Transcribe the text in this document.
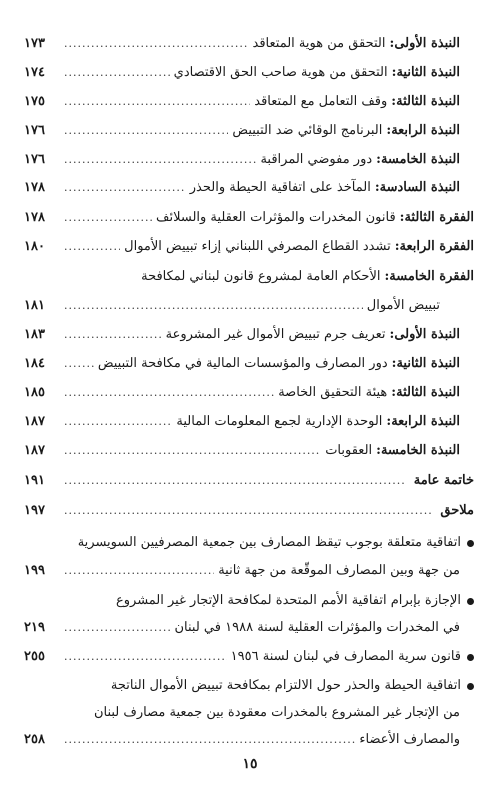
النبذة الأولى:
التحقق من هوية المتعاقد
.....
١٧٣
النبذة الثانية:
التحقق من هوية صاحب الحق الاقتصادي
.....
١٧٤
النبذة الثالثة:
وقف التعامل مع المتعاقد
.....
١٧٥
النبذة الرابعة:
البرنامج الوقائي ضد التبييض
.....
١٧٦
النبذة الخامسة:
دور مفوضي المراقبة
.....
١٧٦
النبذة السادسة:
المآخذ على اتفاقية الحيطة والحذر
.....
١٧٨
الفقرة الثالثة:
قانون المخدرات والمؤثرات العقلية والسلائف
.....
١٧٨
الفقرة الرابعة:
تشدد القطاع المصرفي اللبناني إزاء تبييض الأموال
.....
١٨٠
الفقرة الخامسة:
الأحكام العامة لمشروع قانون لبناني لمكافحة
تبييض الأموال
.....
١٨١
النبذة الأولى:
تعريف جرم تبييض الأموال غير المشروعة
.....
١٨٣
النبذة الثانية:
دور المصارف والمؤسسات المالية في مكافحة التبييض
.....
١٨٤
النبذة الثالثة:
هيئة التحقيق الخاصة
.....
١٨٥
النبذة الرابعة:
الوحدة الإدارية لجمع المعلومات المالية
.....
١٨٧
النبذة الخامسة:
العقوبات
.....
١٨٧
خاتمة عامة
.....
١٩١
ملاحق
.....
١٩٧
اتفاقية متعلقة بوجوب تيقظ المصارف بين جمعية المصرفيين السويسرية
من جهة وبين المصارف الموقّعة من جهة ثانية
.....
١٩٩
الإجازة بإبرام اتفاقية الأمم المتحدة لمكافحة الإتجار غير المشروع
في المخدرات والمؤثرات العقلية لسنة ١٩٨٨ في لبنان
.....
٢١٩
قانون سرية المصارف في لبنان لسنة ١٩٥٦
.....
٢٥٥
اتفاقية الحيطة والحذر حول الالتزام بمكافحة تبييض الأموال الناتجة
من الإتجار غير المشروع بالمخدرات معقودة بين جمعية مصارف لبنان
والمصارف الأعضاء
.....
٢٥٨
١٥
